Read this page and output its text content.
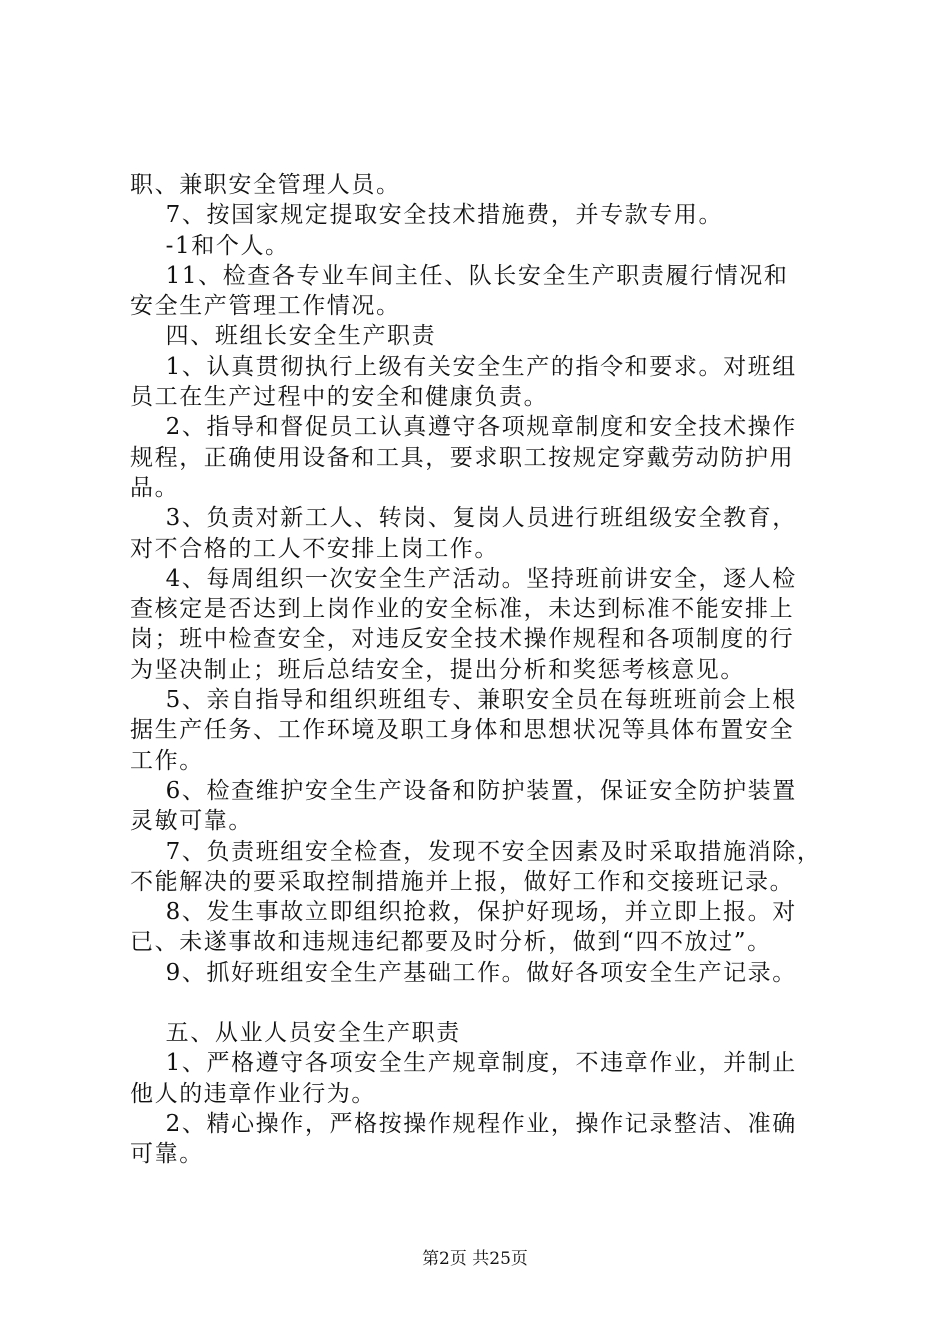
职、兼职安全管理人员。
7、按国家规定提取安全技术措施费，并专款专用。
-1和个人。
11、检查各专业车间主任、队长安全生产职责履行情况和
安全生产管理工作情况。
四、班组长安全生产职责
1、认真贯彻执行上级有关安全生产的指令和要求。对班组
员工在生产过程中的安全和健康负责。
2、指导和督促员工认真遵守各项规章制度和安全技术操作
规程，正确使用设备和工具，要求职工按规定穿戴劳动防护用
品。
3、负责对新工人、转岗、复岗人员进行班组级安全教育，
对不合格的工人不安排上岗工作。
4、每周组织一次安全生产活动。坚持班前讲安全，逐人检
查核定是否达到上岗作业的安全标准，未达到标准不能安排上
岗；班中检查安全，对违反安全技术操作规程和各项制度的行
为坚决制止；班后总结安全，提出分析和奖惩考核意见。
5、亲自指导和组织班组专、兼职安全员在每班班前会上根
据生产任务、工作环境及职工身体和思想状况等具体布置安全
工作。
6、检查维护安全生产设备和防护装置，保证安全防护装置
灵敏可靠。
7、负责班组安全检查，发现不安全因素及时采取措施消除，
不能解决的要采取控制措施并上报，做好工作和交接班记录。
8、发生事故立即组织抢救，保护好现场，并立即上报。对
已、未遂事故和违规违纪都要及时分析，做到“四不放过”。
9、抓好班组安全生产基础工作。做好各项安全生产记录。
五、从业人员安全生产职责
1、严格遵守各项安全生产规章制度，不违章作业，并制止
他人的违章作业行为。
2、精心操作，严格按操作规程作业，操作记录整洁、准确
可靠。
第2页 共25页
